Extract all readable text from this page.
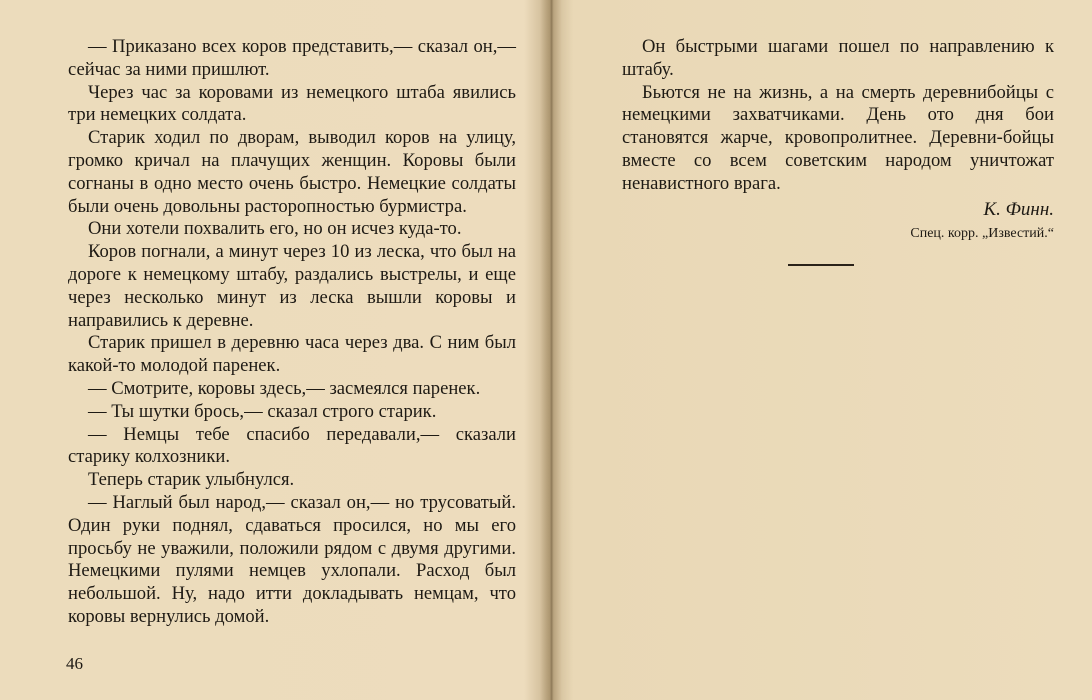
— Приказано всех коров представить,— сказал он,— сейчас за ними пришлют.

Через час за коровами из немецкого штаба явились три немецких солдата.

Старик ходил по дворам, выводил коров на улицу, громко кричал на плачущих женщин. Коровы были согнаны в одно место очень быстро. Немецкие солдаты были очень довольны расторопностью бурмистра.

Они хотели похвалить его, но он исчез куда-то.

Коров погнали, а минут через 10 из леска, что был на дороге к немецкому штабу, раздались выстрелы, и еще через несколько минут из леска вышли коровы и направились к деревне.

Старик пришел в деревню часа через два. С ним был какой-то молодой паренек.

— Смотрите, коровы здесь,— засмеялся паренек.

— Ты шутки брось,— сказал строго старик.

— Немцы тебе спасибо передавали,— сказали старику колхозники.

Теперь старик улыбнулся.

— Наглый был народ,— сказал он,— но трусоватый. Один руки поднял, сдаваться просился, но мы его просьбу не уважили, положили рядом с двумя другими. Немецкими пулями немцев ухлопали. Расход был небольшой. Ну, надо итти докладывать немцам, что коровы вернулись домой.

46

Он быстрыми шагами пошел по направлению к штабу.

Бьются не на жизнь, а на смерть деревнибойцы с немецкими захватчиками. День ото дня бои становятся жарче, кровопролитнее. Деревни-бойцы вместе со всем советским народом уничтожат ненавистного врага.

К. Финн.

Спец. корр. „Известий.“
